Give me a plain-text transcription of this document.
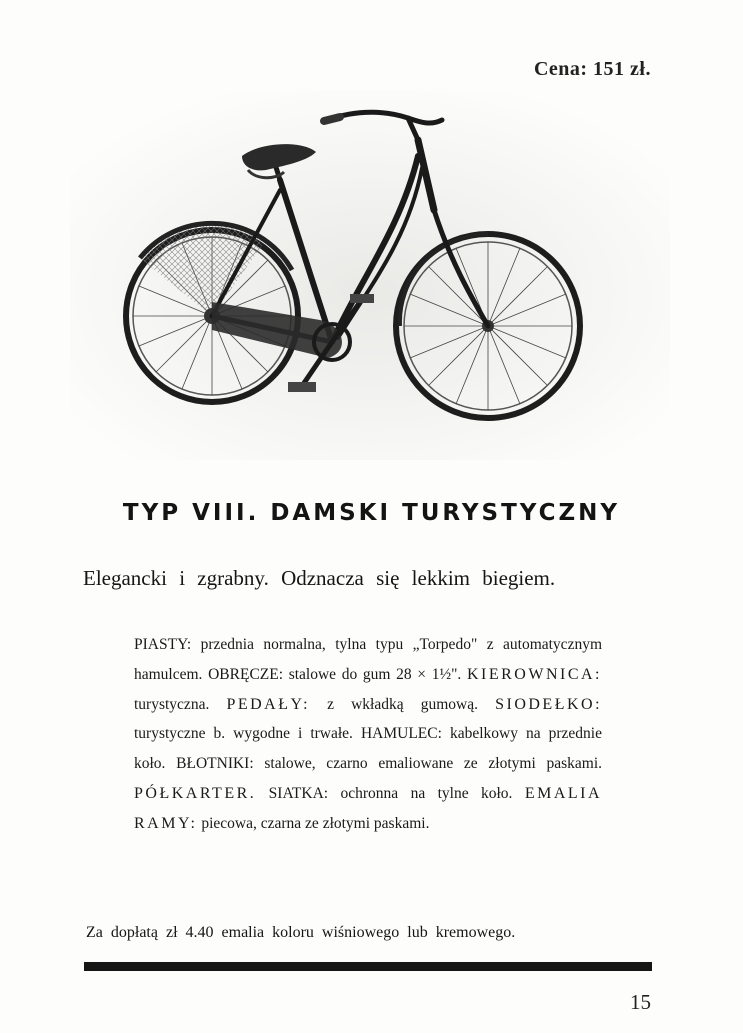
Cena: 151 zł.
TYP VIII. DAMSKI TURYSTYCZNY
Elegancki i zgrabny. Odznacza się lekkim biegiem.
PIASTY: przednia normalna, tylna typu „Torpedo" z automatycznym hamulcem. OBRĘCZE: stalowe do gum 28 × 1½". KIEROWNICA: turystyczna. PEDAŁY: z wkładką gumową. SIODEŁKO: turystyczne b. wygodne i trwałe. HAMULEC: kabelkowy na przednie koło. BŁOTNIKI: stalowe, czarno emaliowane ze złotymi paskami. PÓŁKARTER. SIATKA: ochronna na tylne koło. EMALIA RAMY: piecowa, czarna ze złotymi paskami.
Za dopłatą zł 4.40 emalia koloru wiśniowego lub kremowego.
15
